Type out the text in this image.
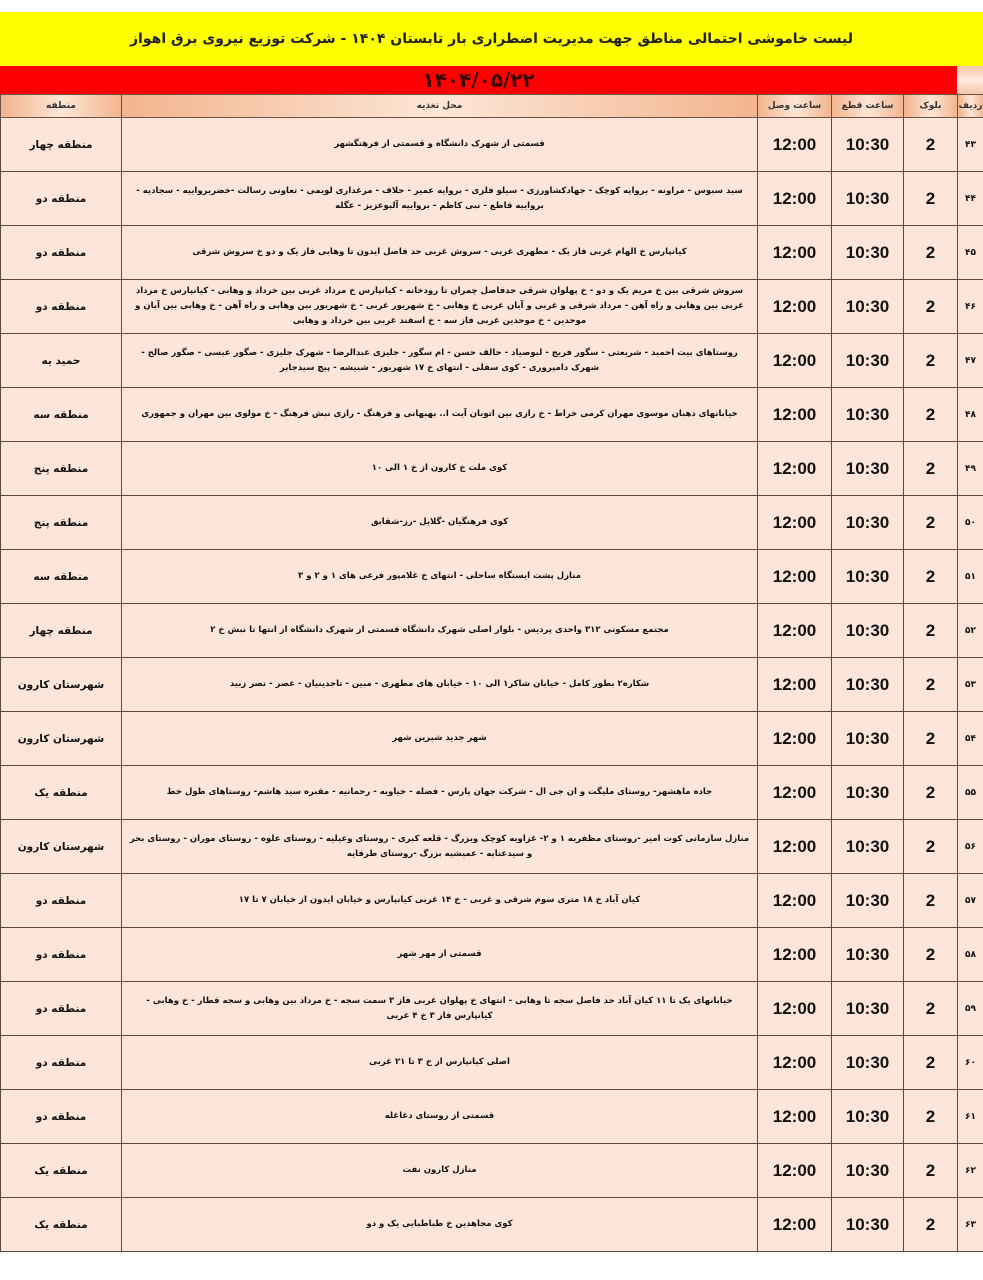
لیست خاموشی احتمالی مناطق جهت مدیریت اضطراری بار تابستان ۱۴۰۴ - شرکت توزیع نیروی برق اهواز
۱۴۰۴/۰۵/۲۲
ردیف	بلوک	ساعت قطع	ساعت وصل	محل تغذیه	منطقه
۴۳	2	10:30	12:00	قسمتی از شهرک دانشگاه و قسمتی از فرهنگشهر	منطقه چهار
۴۴	2	10:30	12:00	سید سبوس - مراونه - بروایه کوچک - جهادکشاورزی - سیلو فلزی - بروایه عمیر - حلاف - مرغداری لویمی - تعاونی رسالت -خضربرواییه - سجادیه - برواییه قاطع - نبی کاظم - برواییه آلبوعزیز - عگله	منطقه دو
۴۵	2	10:30	12:00	کیانپارس خ الهام غربی فاز یک - مطهری غربی - سروش غربی حد فاصل ایدون تا وهابی فاز یک و دو خ سروش شرقی	منطقه دو
۴۶	2	10:30	12:00	سروش شرقی بین خ مریم یک و دو - خ پهلوان شرقی حدفاصل چمران تا رودخانه - کیانپارس خ مرداد غربی بین خرداد و وهابی - کیانپارس خ مرداد غربی بین وهابی و راه آهن - مرداد شرقی و غربی و آبان غربی خ وهابی - خ شهریور غربی - خ شهریور بین وهابی و راه آهن - خ وهابی بین آبان و موحدین - خ موحدین غربی فاز سه - خ اسفند غربی بین خرداد و وهابی	منطقه دو
۴۷	2	10:30	12:00	روستاهای بیت احمید - شریعتی - سگور فریج - لبوصیاد - حالف حسن - ام سگور - جلیزی عبدالرضا - شهرک جلیزی - صگور عیسی - صگور صالح - شهرک دامپروری - کوی سفلی - انتهای خ ۱۷ شهریور - شبیشه - پیچ سیدجابر	حمید یه
۴۸	2	10:30	12:00	خیابانهای دهبان موسوی مهران کرمی خراط - خ رازی بین اتوبان آیت ا.. بهبهانی و فرهنگ - رازی نبش فرهنگ - خ مولوی بین مهران و جمهوری	منطقه سه
۴۹	2	10:30	12:00	کوی ملت خ کارون از خ ۱ الی ۱۰	منطقه پنج
۵۰	2	10:30	12:00	کوی فرهنگیان -گلایل -رز-شقایق	منطقه پنج
۵۱	2	10:30	12:00	منازل پشت ایستگاه ساحلی - انتهای خ غلامپور فرعی های ۱ و ۲ و ۳	منطقه سه
۵۲	2	10:30	12:00	مجتمع مسکونی ۳۱۲ واحدی پردیس - بلوار اصلی شهرک دانشگاه قسمتی از شهرک دانشگاه از انتها تا نبش خ ۲	منطقه چهار
۵۳	2	10:30	12:00	شکاره۲ بطور کامل - خیابان شاکر۱ الی ۱۰ - خیابان های مطهری - مبین - تاجدینیان - عصر - نصر زبید	شهرستان کارون
۵۴	2	10:30	12:00	شهر جدید شیرین شهر	شهرستان کارون
۵۵	2	10:30	12:00	جاده ماهشهر- روستای ملیگت و ان جی ال - شرکت جهان پارس - فضله - حیاویه - رحمانیه - مقبره سید هاشم- روستاهای طول خط	منطقه یک
۵۶	2	10:30	12:00	منازل سازمانی کوت امیر -روستای مظفریه ۱ و ۲- غزاویه کوچک وبزرگ - قلعه کبری - روستای وعیلیه - روستای علوه - روستای موران - روستای بحر و سیدعنایه - عمیشیه بزرگ -روستای طرفایه	شهرستان کارون
۵۷	2	10:30	12:00	کیان آباد خ ۱۸ متری سوم شرقی و غربی - خ ۱۴ غربی کیانپارس و خیابان ایدون از خیابان ۷ تا ۱۷	منطقه دو
۵۸	2	10:30	12:00	قسمتی از مهر شهر	منطقه دو
۵۹	2	10:30	12:00	خیابانهای یک تا ۱۱ کیان آباد حد فاصل سجه تا وهابی - انتهای خ پهلوان غربی فاز ۳ سمت سجه - خ مرداد بین وهابی و سجه قطار - خ وهابی - کیانپارس فاز ۳ خ ۴ غربی	منطقه دو
۶۰	2	10:30	12:00	اصلی کیانپارس از خ ۳ تا ۲۱ غربی	منطقه دو
۶۱	2	10:30	12:00	قسمتی از روستای دغاغله	منطقه دو
۶۲	2	10:30	12:00	منازل کارون نفت	منطقه یک
۶۳	2	10:30	12:00	کوی مجاهدین خ طباطبایی یک و دو	منطقه یک
